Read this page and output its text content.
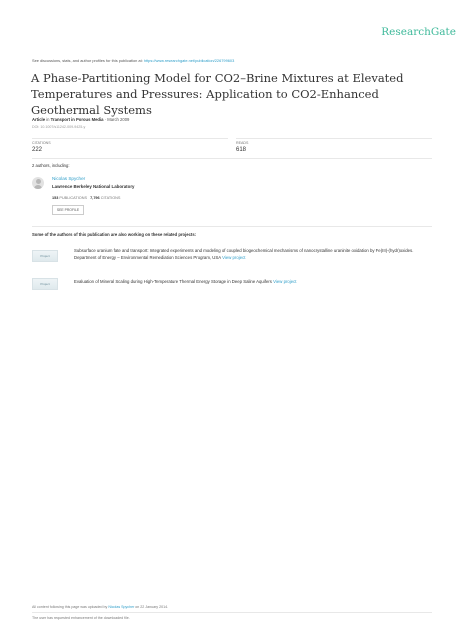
ResearchGate
See discussions, stats, and author profiles for this publication at: https://www.researchgate.net/publication/226799603
A Phase-Partitioning Model for CO2–Brine Mixtures at Elevated Temperatures and Pressures: Application to CO2-Enhanced Geothermal Systems
Article in Transport in Porous Media · March 2009
DOI: 10.1007/s11242-009-9425-y
CITATIONS
222
READS
618
2 authors, including:
Nicolas Spycher
Lawrence Berkeley National Laboratory
153 PUBLICATIONS 7,796 CITATIONS
SEE PROFILE
Some of the authors of this publication are also working on these related projects:
Project
Subsurface uranium fate and transport: Integrated experiments and modeling of coupled biogeochemical mechanisms of nanocrystalline uraninite oxidation by Fe(III)-(hydr)oxides. Department of Energy – Environmental Remediation Sciences Program, USA View project
Project	Evaluation of Mineral Scaling during High-Temperature Thermal Energy Storage in Deep Saline Aquifers View project
All content following this page was uploaded by Nicolas Spycher on 22 January 2014.
The user has requested enhancement of the downloaded file.
